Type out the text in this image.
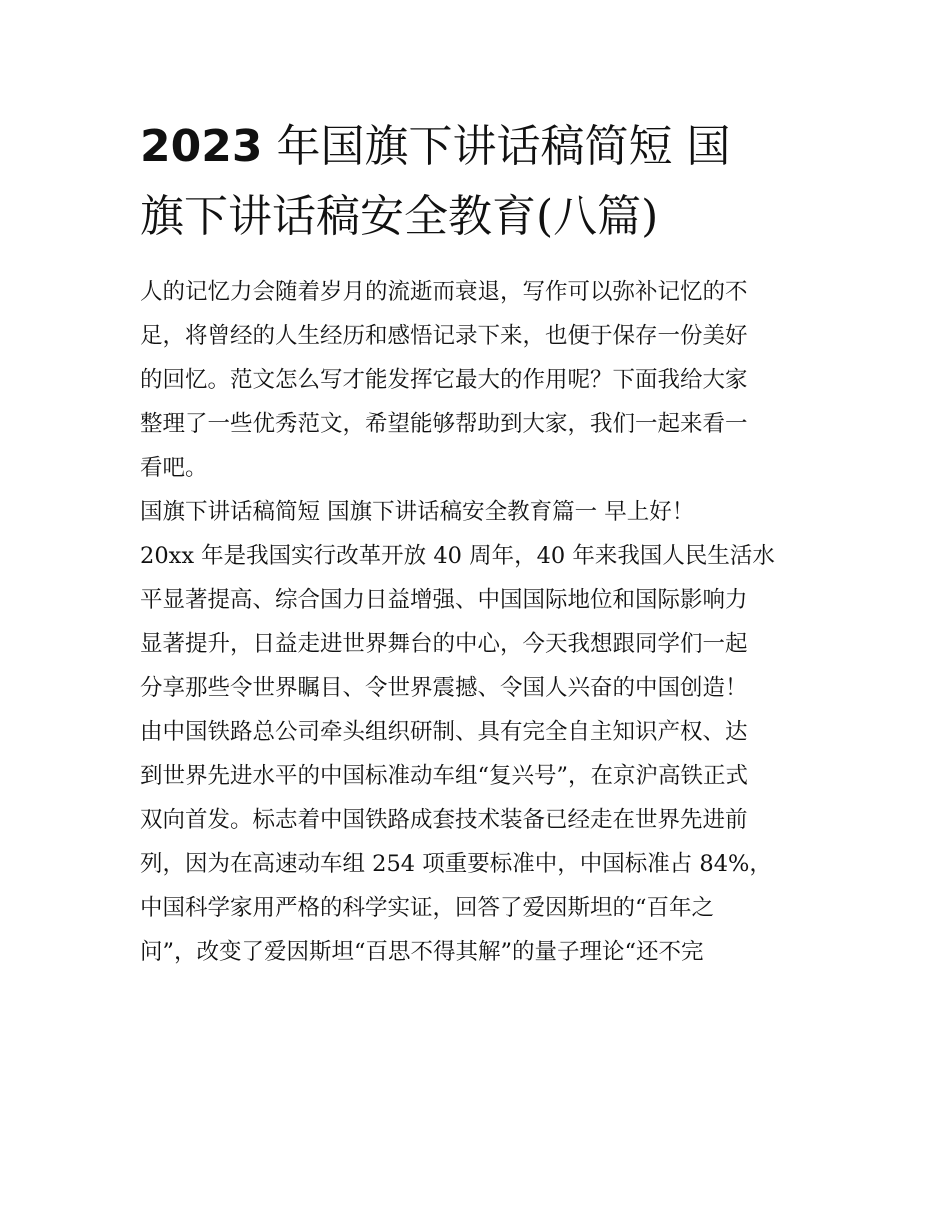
2023 年国旗下讲话稿简短 国
旗下讲话稿安全教育(八篇)
人的记忆力会随着岁月的流逝而衰退，写作可以弥补记忆的不
足，将曾经的人生经历和感悟记录下来，也便于保存一份美好
的回忆。范文怎么写才能发挥它最大的作用呢？下面我给大家
整理了一些优秀范文，希望能够帮助到大家，我们一起来看一
看吧。
国旗下讲话稿简短 国旗下讲话稿安全教育篇一 早上好！
20xx 年是我国实行改革开放 40 周年，40 年来我国人民生活水
平显著提高、综合国力日益增强、中国国际地位和国际影响力
显著提升，日益走进世界舞台的中心，今天我想跟同学们一起
分享那些令世界瞩目、令世界震撼、令国人兴奋的中国创造！
由中国铁路总公司牵头组织研制、具有完全自主知识产权、达
到世界先进水平的中国标准动车组“复兴号”，在京沪高铁正式
双向首发。标志着中国铁路成套技术装备已经走在世界先进前
列，因为在高速动车组 254 项重要标准中，中国标准占 84%，
中国科学家用严格的科学实证，回答了爱因斯坦的“百年之
问”，改变了爱因斯坦“百思不得其解”的量子理论“还不完
